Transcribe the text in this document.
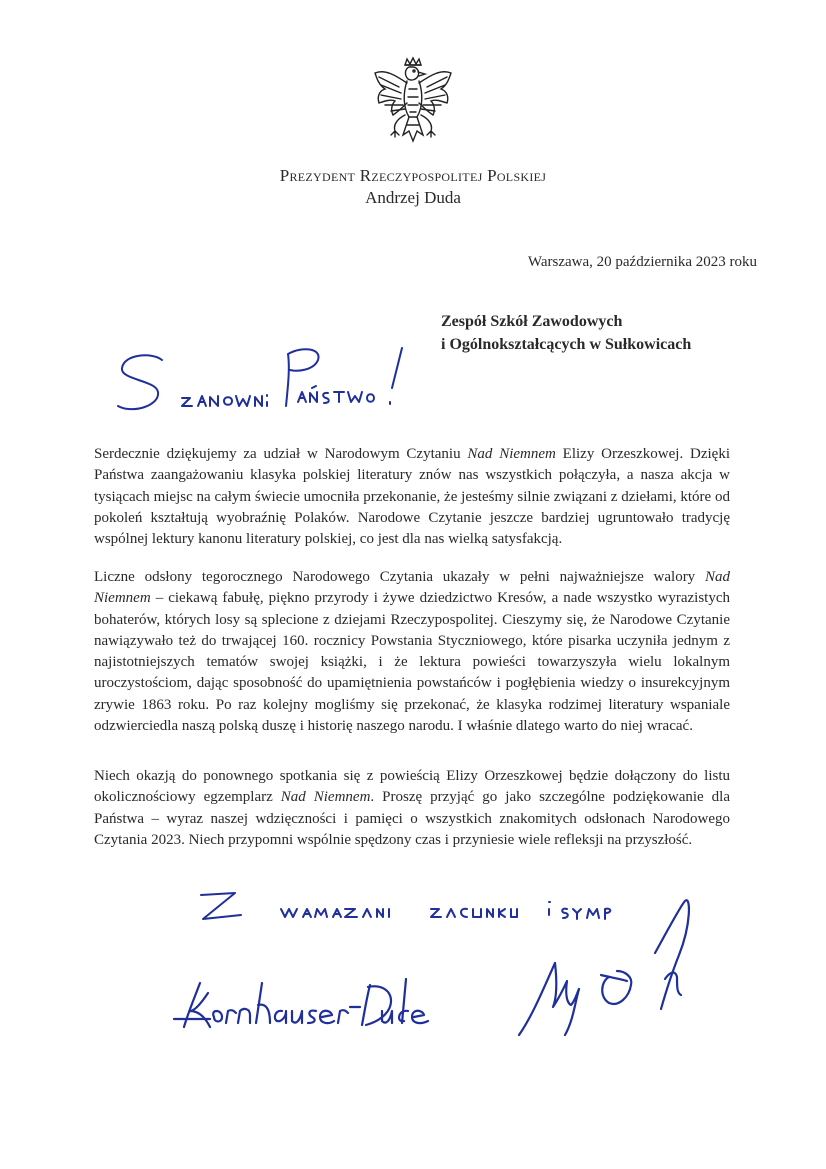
Prezydent Rzeczypospolitej Polskiej
Andrzej Duda
Warszawa, 20 października 2023 roku
Zespół Szkół Zawodowych
i Ogólnokształcących w Sułkowicach

Serdecznie dziękujemy za udział w Narodowym Czytaniu Nad Niemnem Elizy Orzeszkowej. Dzięki Państwa zaangażowaniu klasyka polskiej literatury znów nas wszystkich połączyła, a nasza akcja w tysiącach miejsc na całym świecie umocniła przekonanie, że jesteśmy silnie związani z dziełami, które od pokoleń kształtują wyobraźnię Polaków. Narodowe Czytanie jeszcze bardziej ugruntowało tradycję wspólnej lektury kanonu literatury polskiej, co jest dla nas wielką satysfakcją.

Liczne odsłony tegorocznego Narodowego Czytania ukazały w pełni najważniejsze walory Nad Niemnem – ciekawą fabułę, piękno przyrody i żywe dziedzictwo Kresów, a nade wszystko wyrazistych bohaterów, których losy są splecione z dziejami Rzeczypospolitej. Cieszymy się, że Narodowe Czytanie nawiązywało też do trwającej 160. rocznicy Powstania Styczniowego, które pisarka uczyniła jednym z najistotniejszych tematów swojej książki, i że lektura powieści towarzyszyła wielu lokalnym uroczystościom, dając sposobność do upamiętnienia powstańców i pogłębienia wiedzy o insurekcyjnym zrywie 1863 roku. Po raz kolejny mogliśmy się przekonać, że klasyka rodzimej literatury wspaniale odzwierciedla naszą polską duszę i historię naszego narodu. I właśnie dlatego warto do niej wracać.

Niech okazją do ponownego spotkania się z powieścią Elizy Orzeszkowej będzie dołączony do listu okolicznościowy egzemplarz Nad Niemnem. Proszę przyjąć go jako szczególne podziękowanie dla Państwa – wyraz naszej wdzięczności i pamięci o wszystkich znakomitych odsłonach Narodowego Czytania 2023. Niech przypomni wspólnie spędzony czas i przyniesie wiele refleksji na przyszłość.
